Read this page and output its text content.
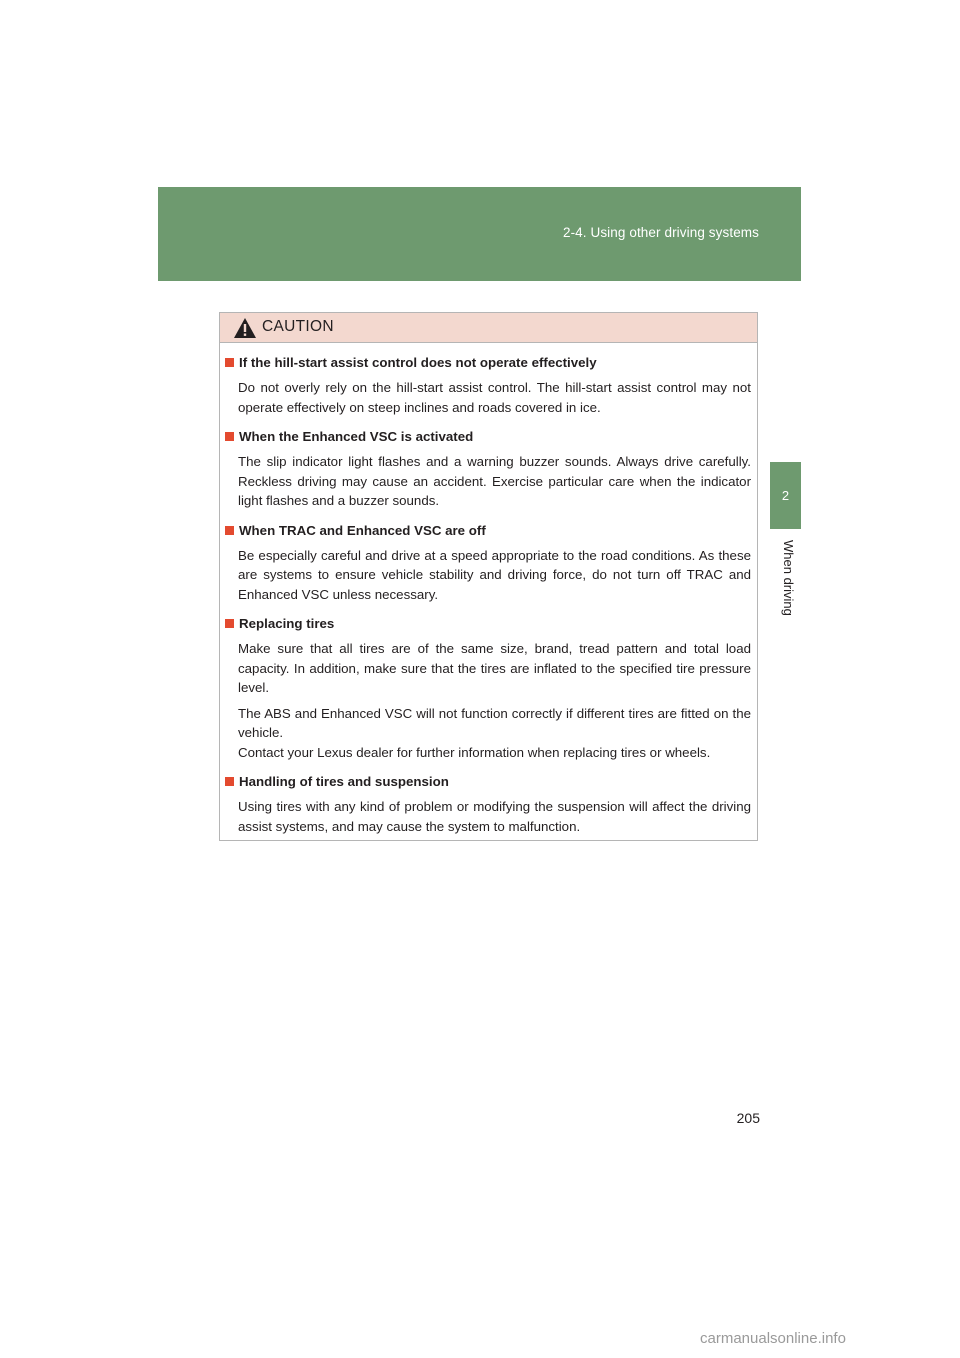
2-4. Using other driving systems
2
When driving
CAUTION
If the hill-start assist control does not operate effectively
Do not overly rely on the hill-start assist control. The hill-start assist control may not operate effectively on steep inclines and roads covered in ice.
When the Enhanced VSC is activated
The slip indicator light flashes and a warning buzzer sounds. Always drive carefully. Reckless driving may cause an accident. Exercise particular care when the indicator light flashes and a buzzer sounds.
When TRAC and Enhanced VSC are off
Be especially careful and drive at a speed appropriate to the road conditions. As these are systems to ensure vehicle stability and driving force, do not turn off TRAC and Enhanced VSC unless necessary.
Replacing tires
Make sure that all tires are of the same size, brand, tread pattern and total load capacity. In addition, make sure that the tires are inflated to the specified tire pressure level.
The ABS and Enhanced VSC will not function correctly if different tires are fitted on the vehicle.
Contact your Lexus dealer for further information when replacing tires or wheels.
Handling of tires and suspension
Using tires with any kind of problem or modifying the suspension will affect the driving assist systems, and may cause the system to malfunction.
205
carmanualsonline.info
